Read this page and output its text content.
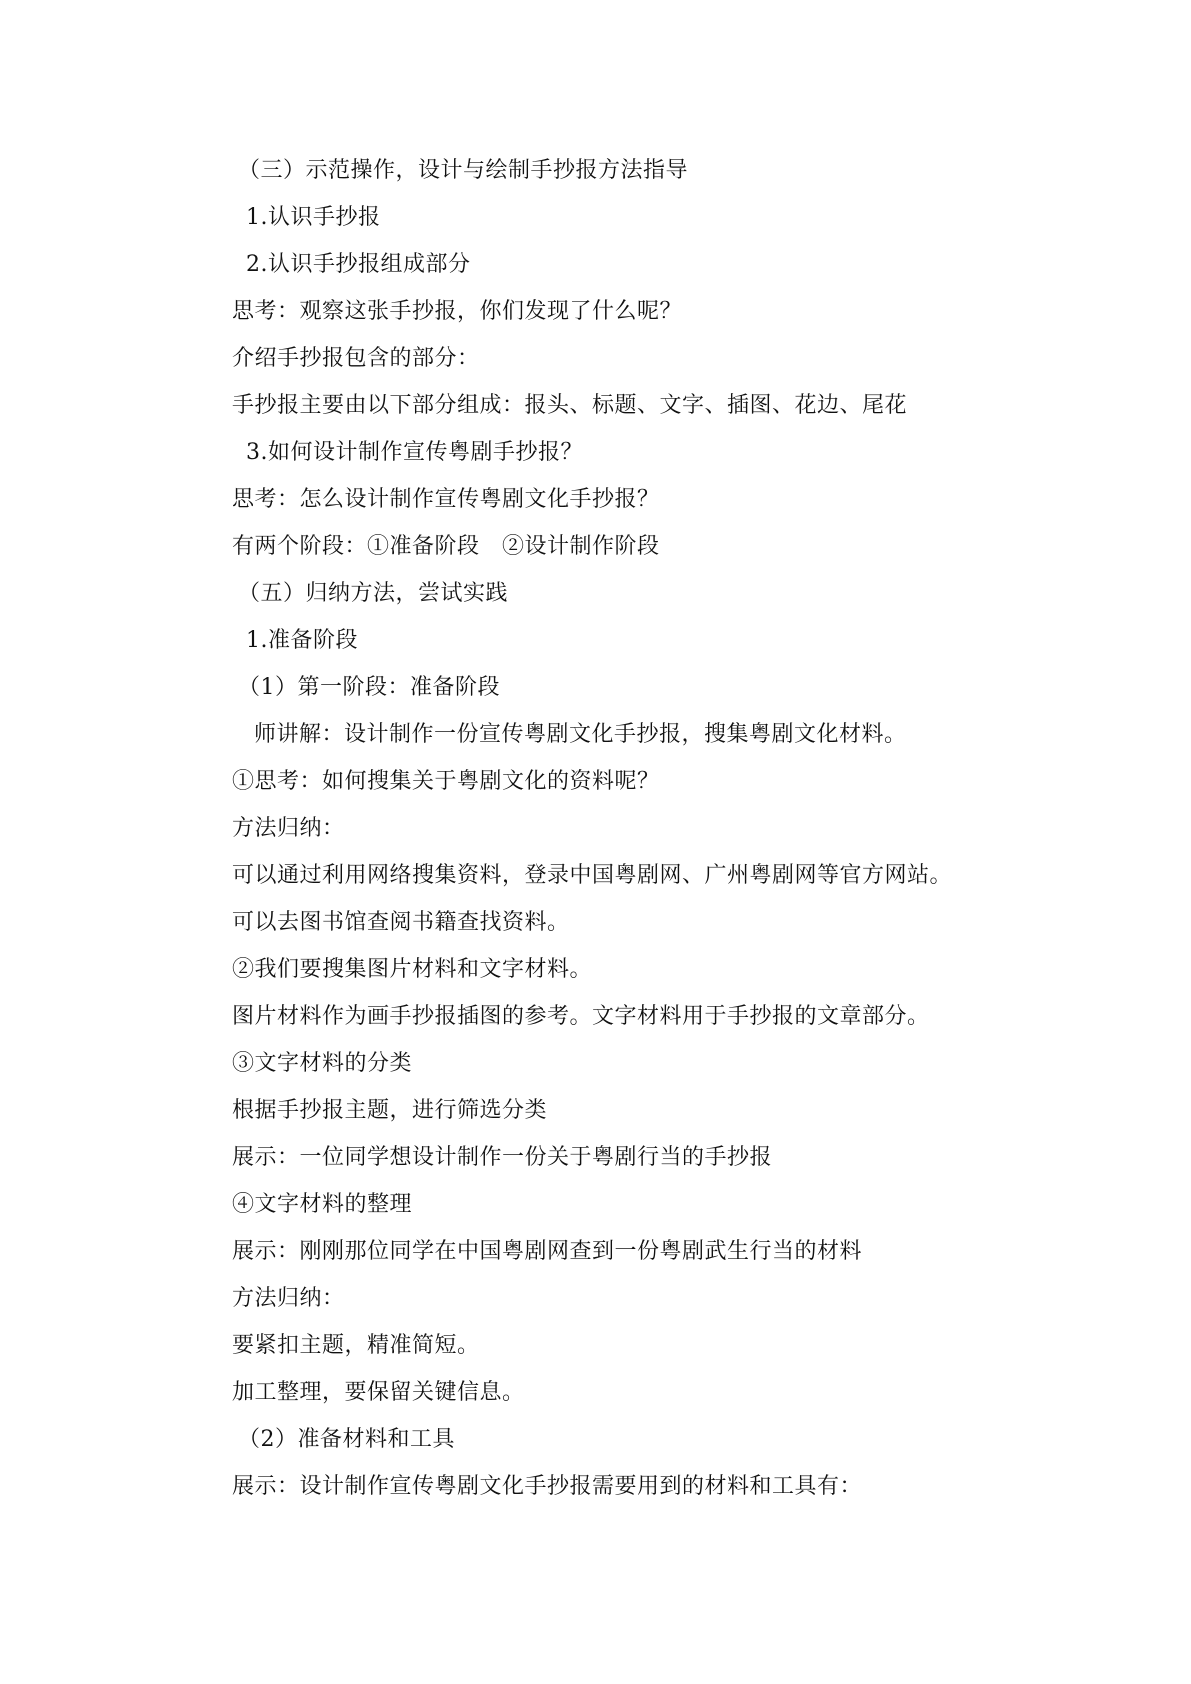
（三）示范操作，设计与绘制手抄报方法指导
1.认识手抄报
2.认识手抄报组成部分
思考：观察这张手抄报，你们发现了什么呢？
介绍手抄报包含的部分：
手抄报主要由以下部分组成：报头、标题、文字、插图、花边、尾花
3.如何设计制作宣传粤剧手抄报？
思考：怎么设计制作宣传粤剧文化手抄报？
有两个阶段：①准备阶段　②设计制作阶段
（五）归纳方法，尝试实践
1.准备阶段
（1）第一阶段：准备阶段
师讲解：设计制作一份宣传粤剧文化手抄报，搜集粤剧文化材料。
①思考：如何搜集关于粤剧文化的资料呢？
方法归纳：
可以通过利用网络搜集资料，登录中国粤剧网、广州粤剧网等官方网站。
可以去图书馆查阅书籍查找资料。
②我们要搜集图片材料和文字材料。
图片材料作为画手抄报插图的参考。文字材料用于手抄报的文章部分。
③文字材料的分类
根据手抄报主题，进行筛选分类
展示：一位同学想设计制作一份关于粤剧行当的手抄报
④文字材料的整理
展示：刚刚那位同学在中国粤剧网查到一份粤剧武生行当的材料
方法归纳：
要紧扣主题，精准简短。
加工整理，要保留关键信息。
（2）准备材料和工具
展示：设计制作宣传粤剧文化手抄报需要用到的材料和工具有：
